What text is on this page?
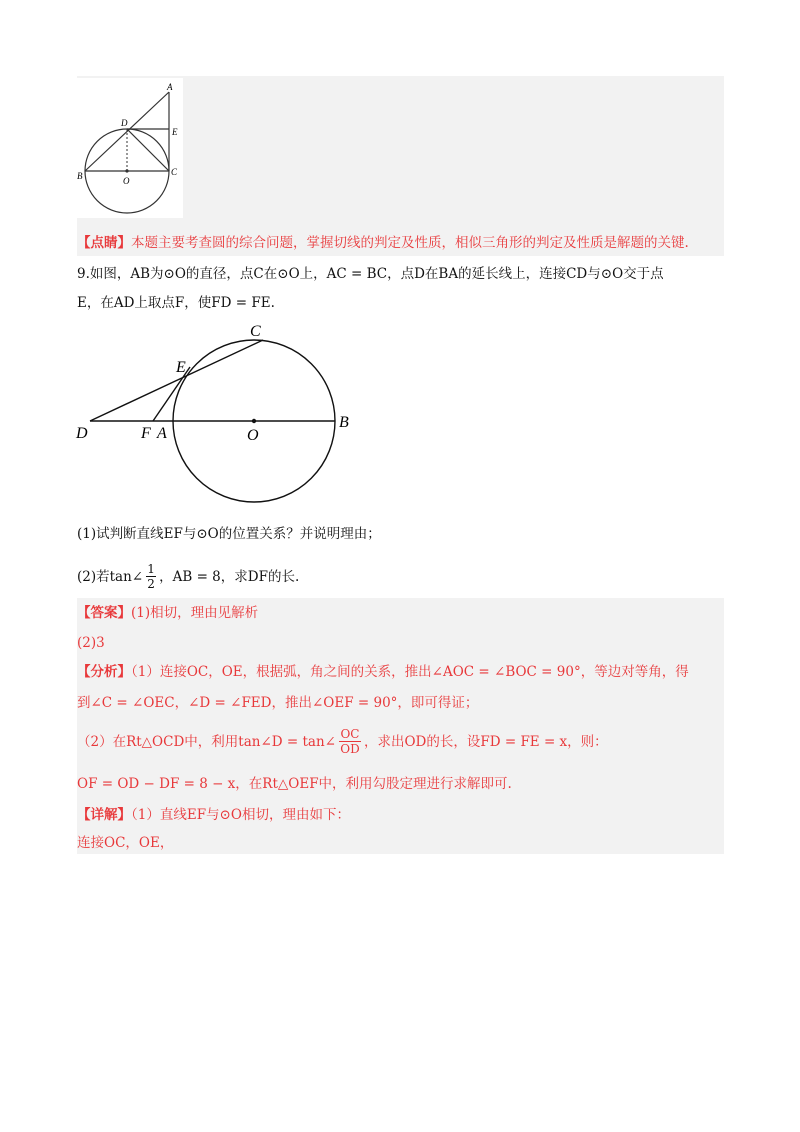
A
D
E
B	O
C
【点睛】本题主要考查圆的综合问题，掌握切线的判定及性质，相似三角形的判定及性质是解题的关键.
9.如图，AB为⊙O的直径，点C在⊙O上，AC = BC，点D在BA的延长线上，连接CD与⊙O交于点
E，在AD上取点F，使FD = FE.
C
E
D	F A	O
B
(1)试判断直线EF与⊙O的位置关系？并说明理由；
(2)若tan∠ 1
2 ，AB = 8，求DF的长.
【答案】(1)相切，理由见解析
(2)3
【分析】（1）连接OC，OE，根据弧，角之间的关系，推出∠AOC = ∠BOC = 90°，等边对等角，得
到∠C = ∠OEC，∠D = ∠FED，推出∠OEF = 90°，即可得证；
（2）在Rt△OCD中，利用tan∠D = tan∠ OC
OD ，求出OD的长，设FD = FE = x，则：
OF = OD − DF = 8 − x，在Rt△OEF中，利用勾股定理进行求解即可.
【详解】（1）直线EF与⊙O相切，理由如下：
连接OC，OE，
